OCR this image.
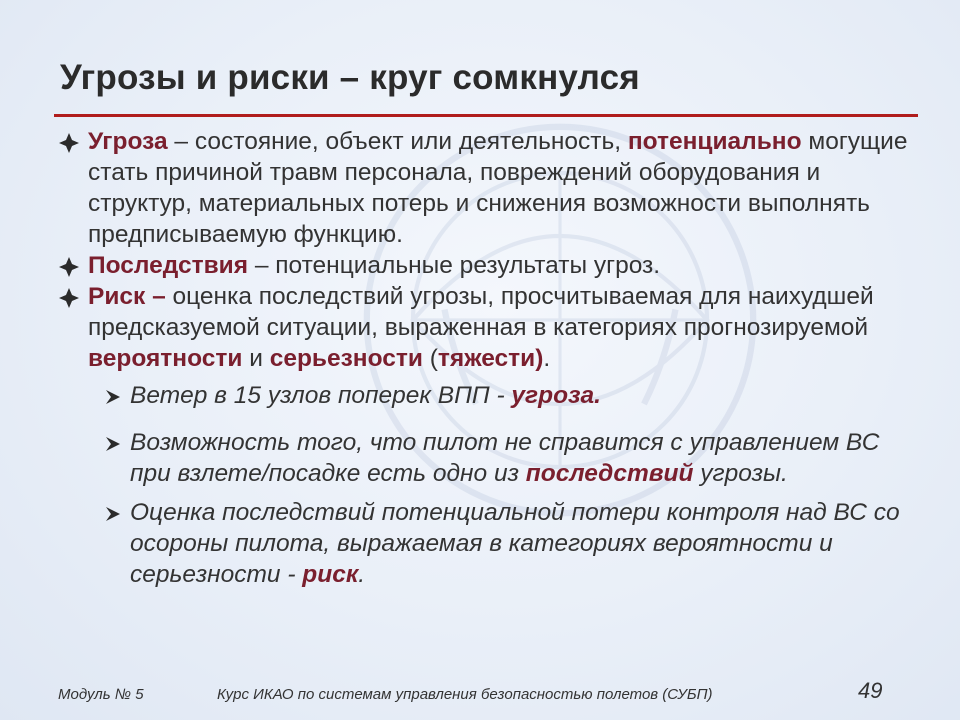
Угрозы и риски – круг сомкнулся
Угроза – состояние, объект или деятельность, потенциально могущие стать причиной травм персонала, повреждений оборудования и структур, материальных потерь и снижения возможности выполнять предписываемую функцию.
Последствия – потенциальные результаты угроз.
Риск – оценка последствий угрозы, просчитываемая для наихудшей предсказуемой ситуации, выраженная в категориях прогнозируемой вероятности и серьезности (тяжести).
Ветер в 15 узлов поперек ВПП - угроза.
Возможность того, что пилот не справится с управлением ВС при взлете/посадке есть одно из последствий угрозы.
Оценка последствий потенциальной потери контроля над ВС со осороны пилота, выражаемая в категориях вероятности и серьезности - риск.
Модуль № 5	Курс ИКАО по системам управления безопасностью полетов (СУБП)	49
